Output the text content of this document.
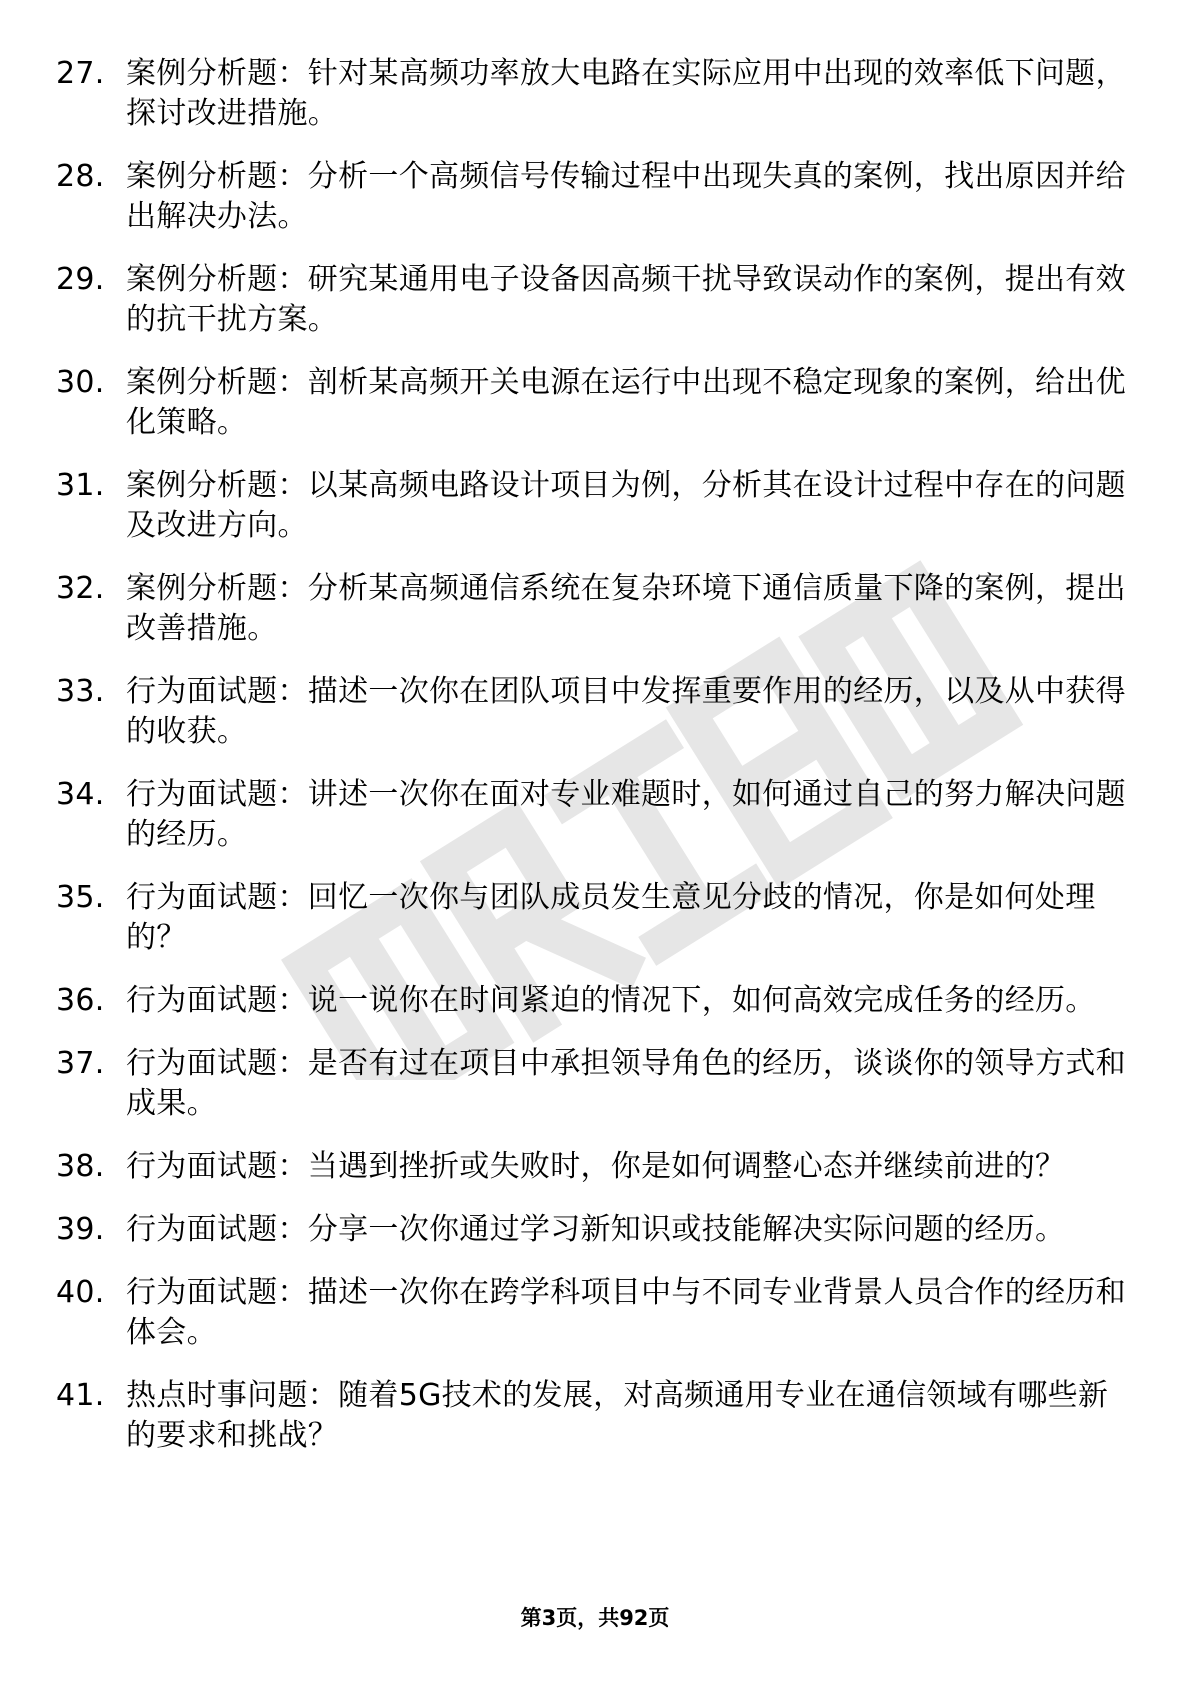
27. 案例分析题：针对某高频功率放大电路在实际应用中出现的效率低下问题，探讨改进措施。
28. 案例分析题：分析一个高频信号传输过程中出现失真的案例，找出原因并给出解决办法。
29. 案例分析题：研究某通用电子设备因高频干扰导致误动作的案例，提出有效的抗干扰方案。
30. 案例分析题：剖析某高频开关电源在运行中出现不稳定现象的案例，给出优化策略。
31. 案例分析题：以某高频电路设计项目为例，分析其在设计过程中存在的问题及改进方向。
32. 案例分析题：分析某高频通信系统在复杂环境下通信质量下降的案例，提出改善措施。
33. 行为面试题：描述一次你在团队项目中发挥重要作用的经历，以及从中获得的收获。
34. 行为面试题：讲述一次你在面对专业难题时，如何通过自己的努力解决问题的经历。
35. 行为面试题：回忆一次你与团队成员发生意见分歧的情况，你是如何处理的？
36. 行为面试题：说一说你在时间紧迫的情况下，如何高效完成任务的经历。
37. 行为面试题：是否有过在项目中承担领导角色的经历，谈谈你的领导方式和成果。
38. 行为面试题：当遇到挫折或失败时，你是如何调整心态并继续前进的？
39. 行为面试题：分享一次你通过学习新知识或技能解决实际问题的经历。
40. 行为面试题：描述一次你在跨学科项目中与不同专业背景人员合作的经历和体会。
41. 热点时事问题：随着5G技术的发展，对高频通用专业在通信领域有哪些新的要求和挑战？
第3页，共92页
